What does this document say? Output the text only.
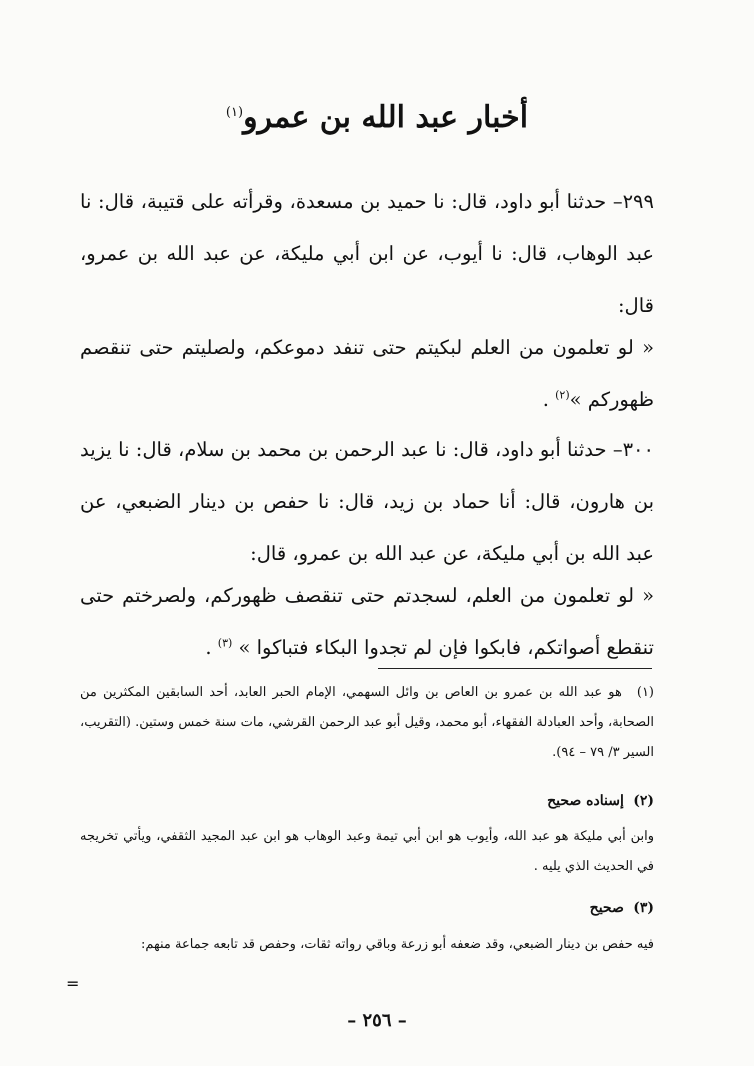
أخبار عبد الله بن عمرو$^{(١)}$

٢٩٩– حدثنا أبو داود، قال: نا حميد بن مسعدة، وقرأته على قتيبة، قال: نا عبد الوهاب، قال: نا أيوب، عن ابن أبي مليكة، عن عبد الله بن عمرو، قال:

« لو تعلمون من العلم لبكيتم حتى تنفد دموعكم، ولصليتم حتى تنقصم ظهوركم »$^{(٢)}$ .

٣٠٠– حدثنا أبو داود، قال: نا عبد الرحمن بن محمد بن سلام، قال: نا يزيد بن هارون، قال: أنا حماد بن زيد، قال: نا حفص بن دينار الضبعي، عن عبد الله بن أبي مليكة، عن عبد الله بن عمرو، قال:

« لو تعلمون من العلم، لسجدتم حتى تنقصف ظهوركم، ولصرختم حتى تنقطع أصواتكم، فابكوا فإن لم تجدوا البكاء فتباكوا » $^{(٣)}$ .

(١) هو عبد الله بن عمرو بن العاص بن وائل السهمي، الإمام الحبر العابد، أحد السابقين المكثرين من الصحابة، وأحد العبادلة الفقهاء، أبو محمد، وقيل أبو عبد الرحمن القرشي، مات سنة خمس وستين. (التقريب، السير ٣/ ٧٩ – ٩٤).

(٢) إسناده صحيح

وابن أبي مليكة هو عبد الله، وأيوب هو ابن أبي تيمة وعبد الوهاب هو ابن عبد المجيد الثقفي، ويأتي تخريجه في الحديث الذي يليه .

(٣) صحيح

فيه حفص بن دينار الضبعي، وقد ضعفه أبو زرعة وباقي رواته ثقات، وحفص قد تابعه جماعة منهم:

=
– ٢٥٦ –
